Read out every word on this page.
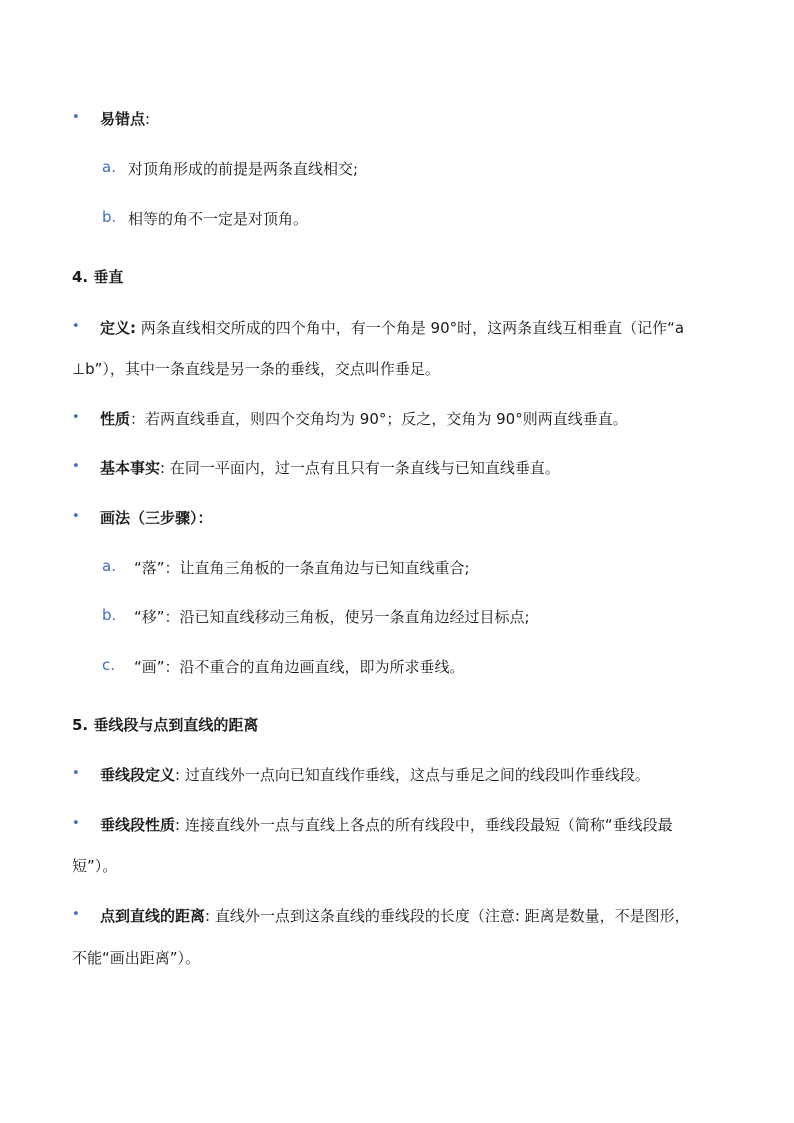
• 易错点:
a. 对顶角形成的前提是两条直线相交;
b. 相等的角不一定是对顶角。
4. 垂直
• 定义: 两条直线相交所成的四个角中，有一个角是 90°时，这两条直线互相垂直（记作“a
⊥b”），其中一条直线是另一条的垂线，交点叫作垂足。
• 性质：若两直线垂直，则四个交角均为 90°；反之，交角为 90°则两直线垂直。
• 基本事实: 在同一平面内，过一点有且只有一条直线与已知直线垂直。
• 画法（三步骤）：
a. “落”：让直角三角板的一条直角边与已知直线重合;
b. “移”：沿已知直线移动三角板，使另一条直角边经过目标点;
c. “画”：沿不重合的直角边画直线，即为所求垂线。
5. 垂线段与点到直线的距离
• 垂线段定义: 过直线外一点向已知直线作垂线，这点与垂足之间的线段叫作垂线段。
• 垂线段性质: 连接直线外一点与直线上各点的所有线段中，垂线段最短（简称“垂线段最
短”）。
• 点到直线的距离: 直线外一点到这条直线的垂线段的长度（注意: 距离是数量，不是图形，
不能“画出距离”）。
